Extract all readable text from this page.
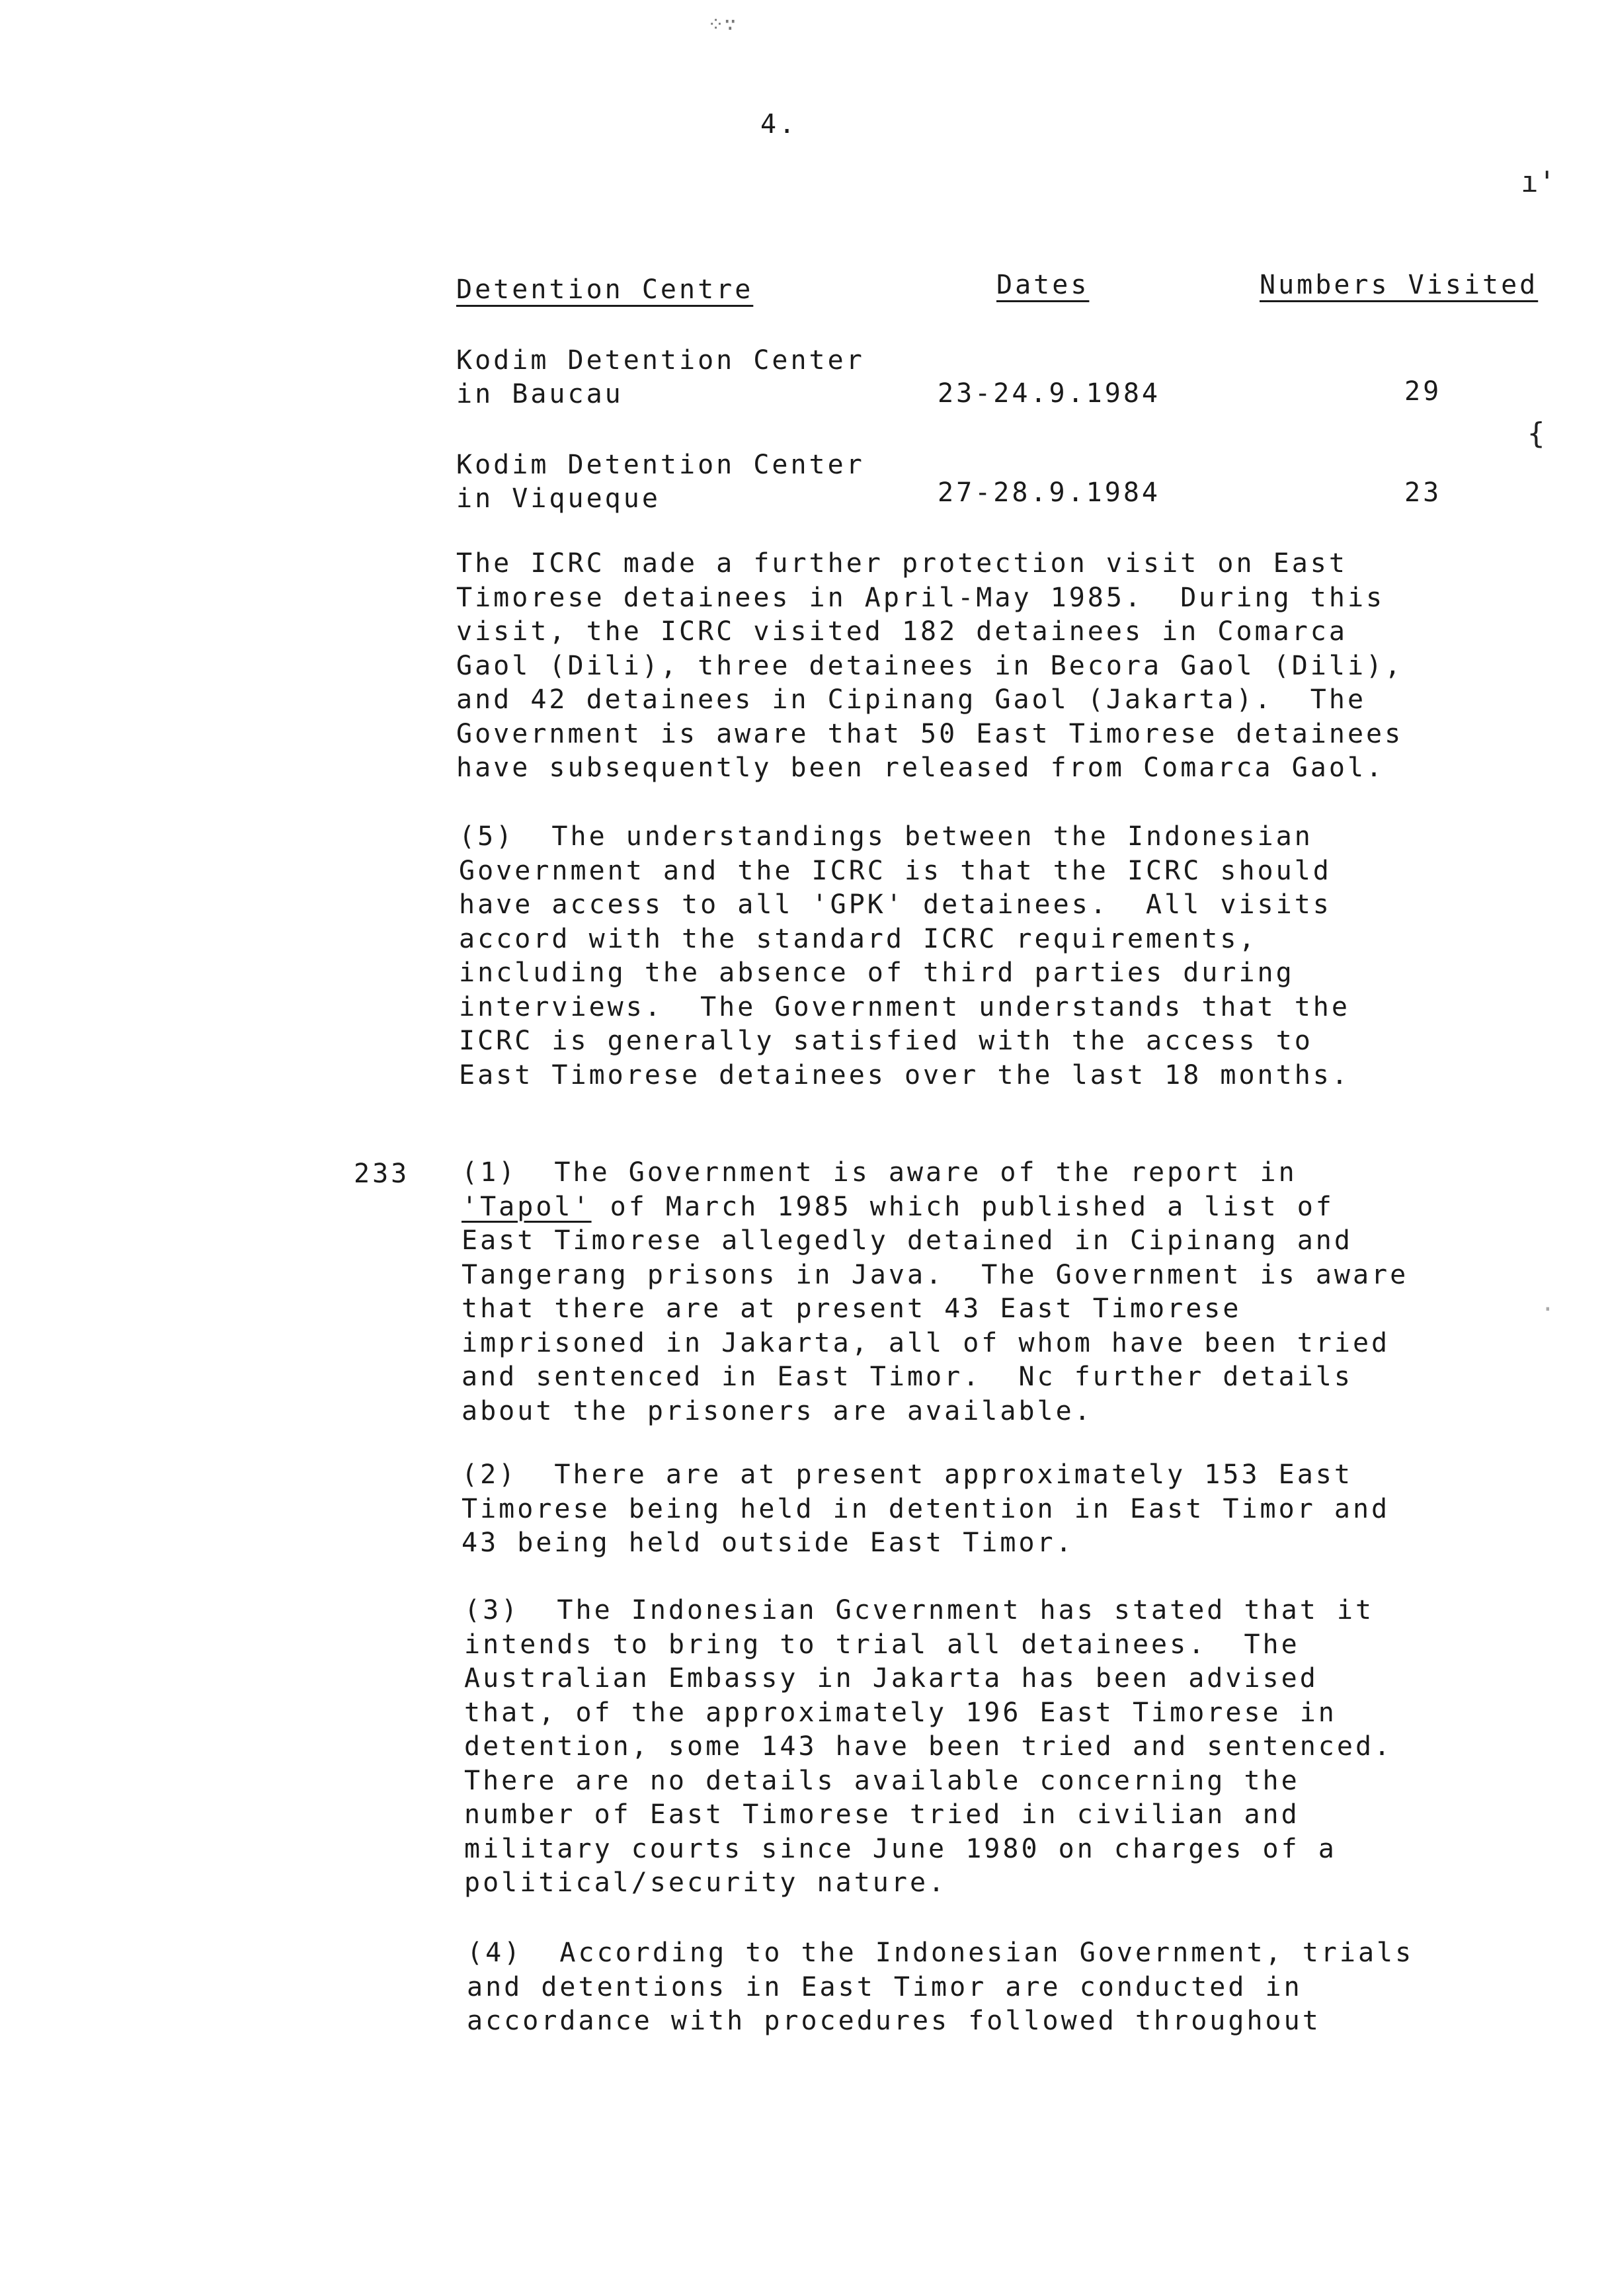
⁘∵
ı'
{
·
4.
Detention Centre	Dates	Numbers Visited
Kodim Detention Center
in Baucau	23-24.9.1984	29
Kodim Detention Center
in Viqueque	27-28.9.1984	23
The ICRC made a further protection visit on East
Timorese detainees in April-May 1985.  During this
visit, the ICRC visited 182 detainees in Comarca
Gaol (Dili), three detainees in Becora Gaol (Dili),
and 42 detainees in Cipinang Gaol (Jakarta).  The
Government is aware that 50 East Timorese detainees
have subsequently been released from Comarca Gaol.
(5)  The understandings between the Indonesian
Government and the ICRC is that the ICRC should
have access to all 'GPK' detainees.  All visits
accord with the standard ICRC requirements,
including the absence of third parties during
interviews.  The Government understands that the
ICRC is generally satisfied with the access to
East Timorese detainees over the last 18 months.
233 (1)  The Government is aware of the report in
'Tapol' of March 1985 which published a list of
East Timorese allegedly detained in Cipinang and
Tangerang prisons in Java.  The Government is aware
that there are at present 43 East Timorese
imprisoned in Jakarta, all of whom have been tried
and sentenced in East Timor.  Nc further details
about the prisoners are available.
(2)  There are at present approximately 153 East
Timorese being held in detention in East Timor and
43 being held outside East Timor.
(3)  The Indonesian Gcvernment has stated that it
intends to bring to trial all detainees.  The
Australian Embassy in Jakarta has been advised
that, of the approximately 196 East Timorese in
detention, some 143 have been tried and sentenced.
There are no details available concerning the
number of East Timorese tried in civilian and
military courts since June 1980 on charges of a
political/security nature.
(4)  According to the Indonesian Government, trials
and detentions in East Timor are conducted in
accordance with procedures followed throughout
